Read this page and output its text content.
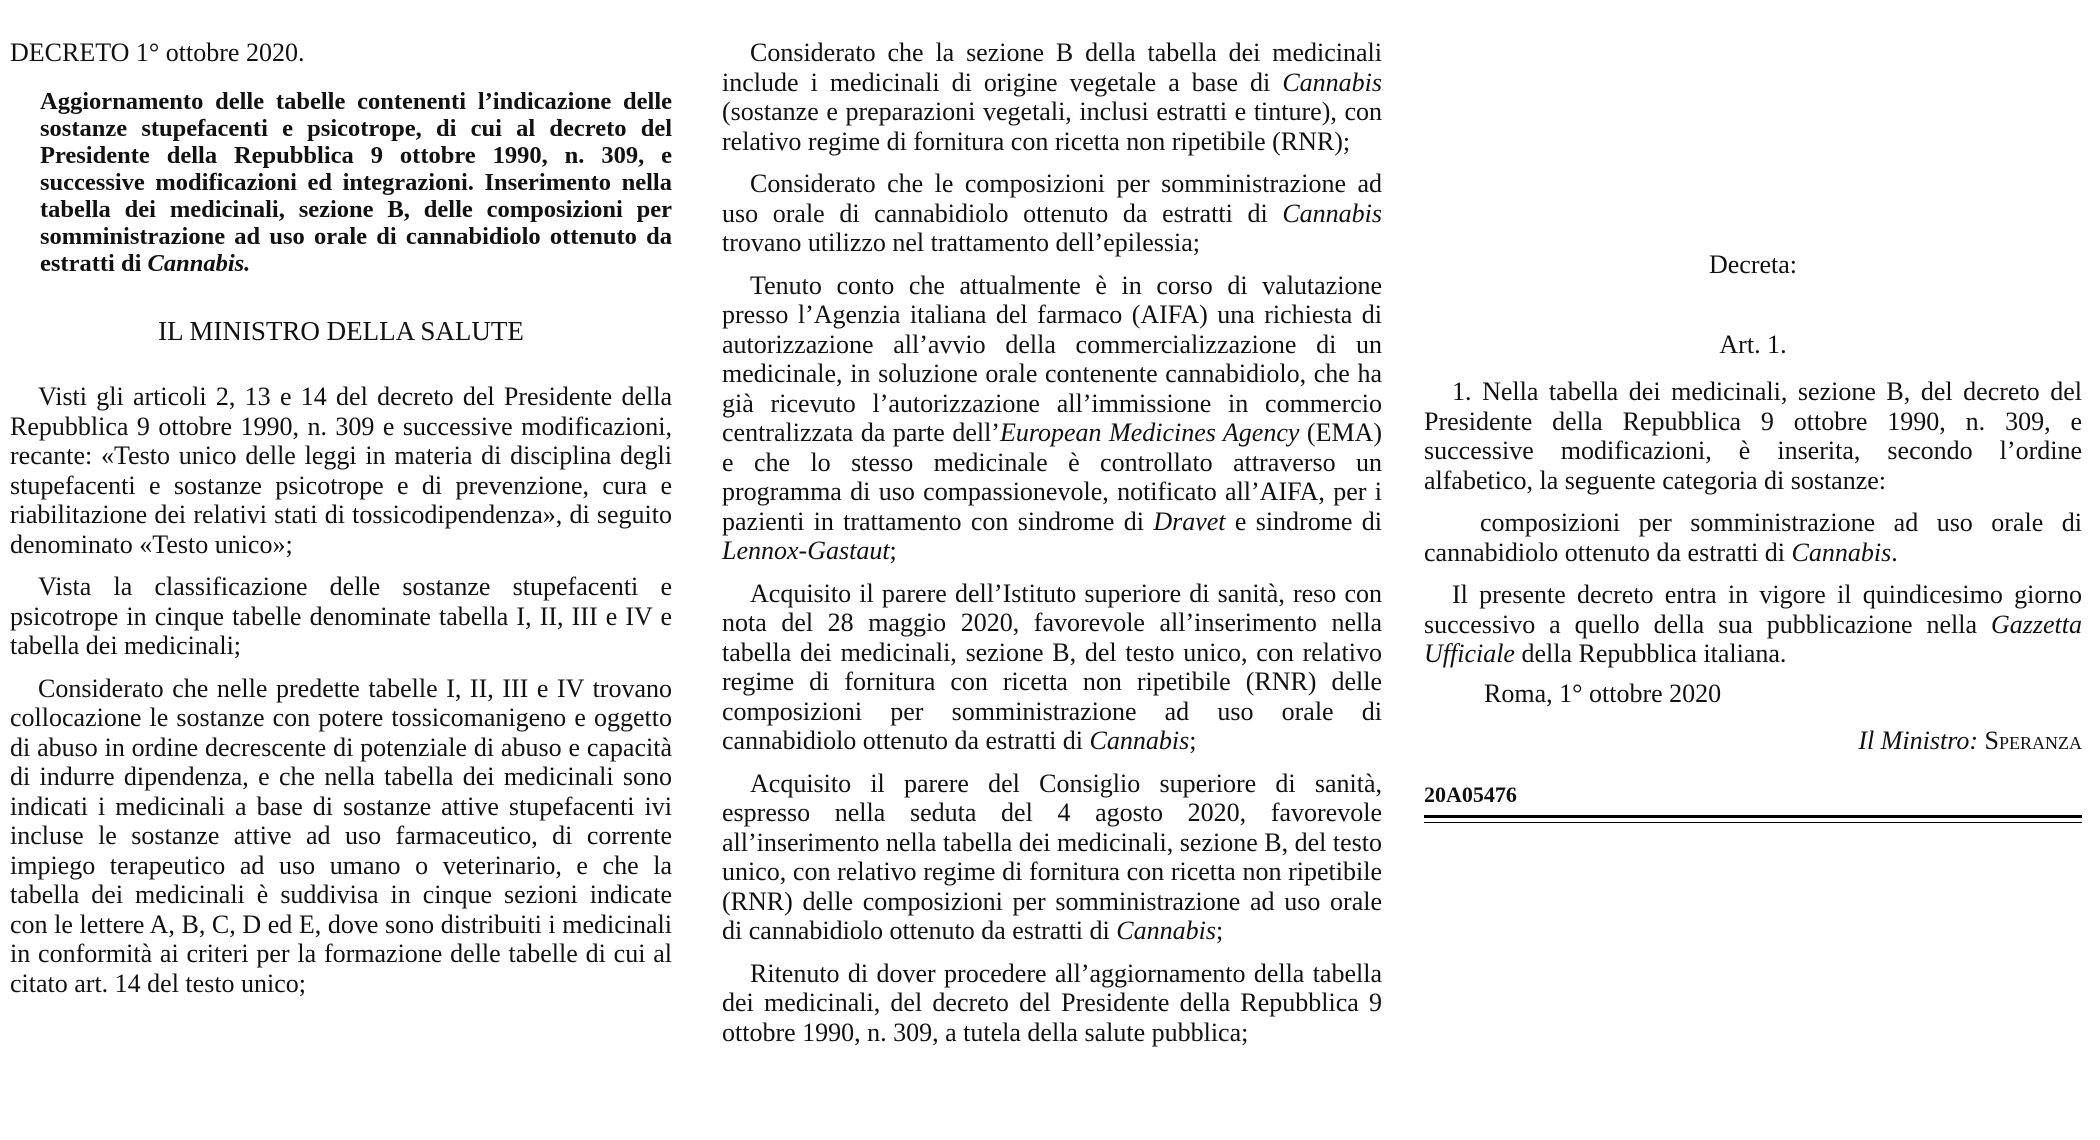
DECRETO 1° ottobre 2020.

Aggiornamento delle tabelle contenenti l’indicazione delle sostanze stupefacenti e psicotrope, di cui al decreto del Presidente della Repubblica 9 ottobre 1990, n. 309, e successive modificazioni ed integrazioni. Inserimento nella tabella dei medicinali, sezione B, delle composizioni per somministrazione ad uso orale di cannabidiolo ottenuto da estratti di Cannabis.

IL MINISTRO DELLA SALUTE

Visti gli articoli 2, 13 e 14 del decreto del Presidente della Repubblica 9 ottobre 1990, n. 309 e successive modificazioni, recante: «Testo unico delle leggi in materia di disciplina degli stupefacenti e sostanze psicotrope e di prevenzione, cura e riabilitazione dei relativi stati di tossicodipendenza», di seguito denominato «Testo unico»;

Vista la classificazione delle sostanze stupefacenti e psicotrope in cinque tabelle denominate tabella I, II, III e IV e tabella dei medicinali;

Considerato che nelle predette tabelle I, II, III e IV trovano collocazione le sostanze con potere tossicomanigeno e oggetto di abuso in ordine decrescente di potenziale di abuso e capacità di indurre dipendenza, e che nella tabella dei medicinali sono indicati i medicinali a base di sostanze attive stupefacenti ivi incluse le sostanze attive ad uso farmaceutico, di corrente impiego terapeutico ad uso umano o veterinario, e che la tabella dei medicinali è suddivisa in cinque sezioni indicate con le lettere A, B, C, D ed E, dove sono distribuiti i medicinali in conformità ai criteri per la formazione delle tabelle di cui al citato art. 14 del testo unico;

Considerato che la sezione B della tabella dei medicinali include i medicinali di origine vegetale a base di Cannabis (sostanze e preparazioni vegetali, inclusi estratti e tinture), con relativo regime di fornitura con ricetta non ripetibile (RNR);

Considerato che le composizioni per somministrazione ad uso orale di cannabidiolo ottenuto da estratti di Cannabis trovano utilizzo nel trattamento dell’epilessia;

Tenuto conto che attualmente è in corso di valutazione presso l’Agenzia italiana del farmaco (AIFA) una richiesta di autorizzazione all’avvio della commercializzazione di un medicinale, in soluzione orale contenente cannabidiolo, che ha già ricevuto l’autorizzazione all’immissione in commercio centralizzata da parte dell’European Medicines Agency (EMA) e che lo stesso medicinale è controllato attraverso un programma di uso compassionevole, notificato all’AIFA, per i pazienti in trattamento con sindrome di Dravet e sindrome di Lennox-Gastaut;

Acquisito il parere dell’Istituto superiore di sanità, reso con nota del 28 maggio 2020, favorevole all’inserimento nella tabella dei medicinali, sezione B, del testo unico, con relativo regime di fornitura con ricetta non ripetibile (RNR) delle composizioni per somministrazione ad uso orale di cannabidiolo ottenuto da estratti di Cannabis;

Acquisito il parere del Consiglio superiore di sanità, espresso nella seduta del 4 agosto 2020, favorevole all’inserimento nella tabella dei medicinali, sezione B, del testo unico, con relativo regime di fornitura con ricetta non ripetibile (RNR) delle composizioni per somministrazione ad uso orale di cannabidiolo ottenuto da estratti di Cannabis;

Ritenuto di dover procedere all’aggiornamento della tabella dei medicinali, del decreto del Presidente della Repubblica 9 ottobre 1990, n. 309, a tutela della salute pubblica;

Decreta:

Art. 1.

1. Nella tabella dei medicinali, sezione B, del decreto del Presidente della Repubblica 9 ottobre 1990, n. 309, e successive modificazioni, è inserita, secondo l’ordine alfabetico, la seguente categoria di sostanze:

composizioni per somministrazione ad uso orale di cannabidiolo ottenuto da estratti di Cannabis.

Il presente decreto entra in vigore il quindicesimo giorno successivo a quello della sua pubblicazione nella Gazzetta Ufficiale della Repubblica italiana.

Roma, 1° ottobre 2020

Il Ministro: Speranza

20A05476
